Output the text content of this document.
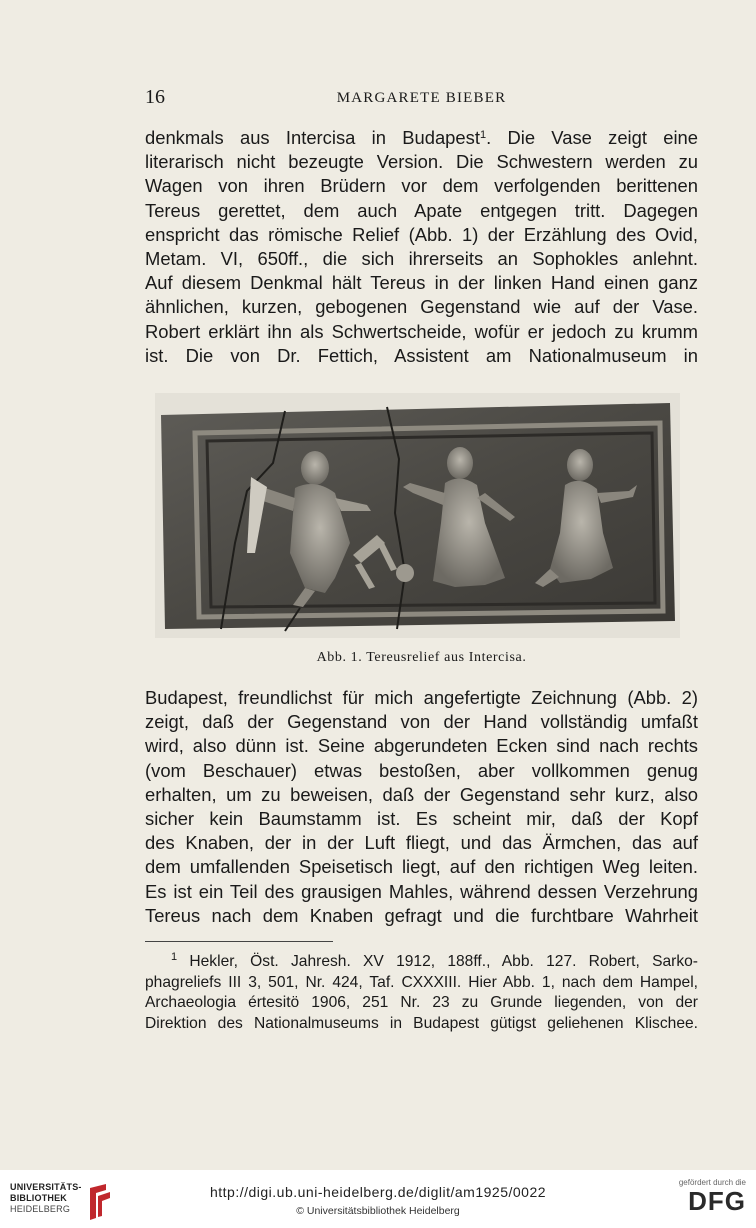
16	MARGARETE BIEBER
denkmals aus Intercisa in Budapest$^1$. Die Vase zeigt eine
literarisch nicht bezeugte Version. Die Schwestern werden zu
Wagen von ihren Brüdern vor dem verfolgenden berittenen
Tereus gerettet, dem auch Apate entgegen tritt. Dagegen
enspricht das römische Relief (Abb. 1) der Erzählung des Ovid,
Metam. VI, 650ff., die sich ihrerseits an Sophokles anlehnt.
Auf diesem Denkmal hält Tereus in der linken Hand einen ganz
ähnlichen, kurzen, gebogenen Gegenstand wie auf der Vase.
Robert erklärt ihn als Schwertscheide, wofür er jedoch zu krumm
ist. Die von Dr. Fettich, Assistent am Nationalmuseum in
Abb. 1. Tereusrelief aus Intercisa.
Budapest, freundlichst für mich angefertigte Zeichnung (Abb. 2)
zeigt, daß der Gegenstand von der Hand vollständig umfaßt
wird, also dünn ist. Seine abgerundeten Ecken sind nach rechts
(vom Beschauer) etwas bestoßen, aber vollkommen genug
erhalten, um zu beweisen, daß der Gegenstand sehr kurz, also
sicher kein Baumstamm ist. Es scheint mir, daß der Kopf
des Knaben, der in der Luft fliegt, und das Ärmchen, das auf
dem umfallenden Speisetisch liegt, auf den richtigen Weg leiten.
Es ist ein Teil des grausigen Mahles, während dessen Verzehrung
Tereus nach dem Knaben gefragt und die furchtbare Wahrheit
$^1$ Hekler, Öst. Jahresh. XV 1912, 188ff., Abb. 127. Robert, Sarko-
phagreliefs III 3, 501, Nr. 424, Taf. CXXXIII. Hier Abb. 1, nach dem Hampel,
Archaeologia értesitö 1906, 251 Nr. 23 zu Grunde liegenden, von der
Direktion des Nationalmuseums in Budapest gütigst geliehenen Klischee.
UNIVERSITÄTS-
BIBLIOTHEK
HEIDELBERG
http://digi.ub.uni-heidelberg.de/diglit/am1925/0022
© Universitätsbibliothek Heidelberg
gefördert durch die
DFG
